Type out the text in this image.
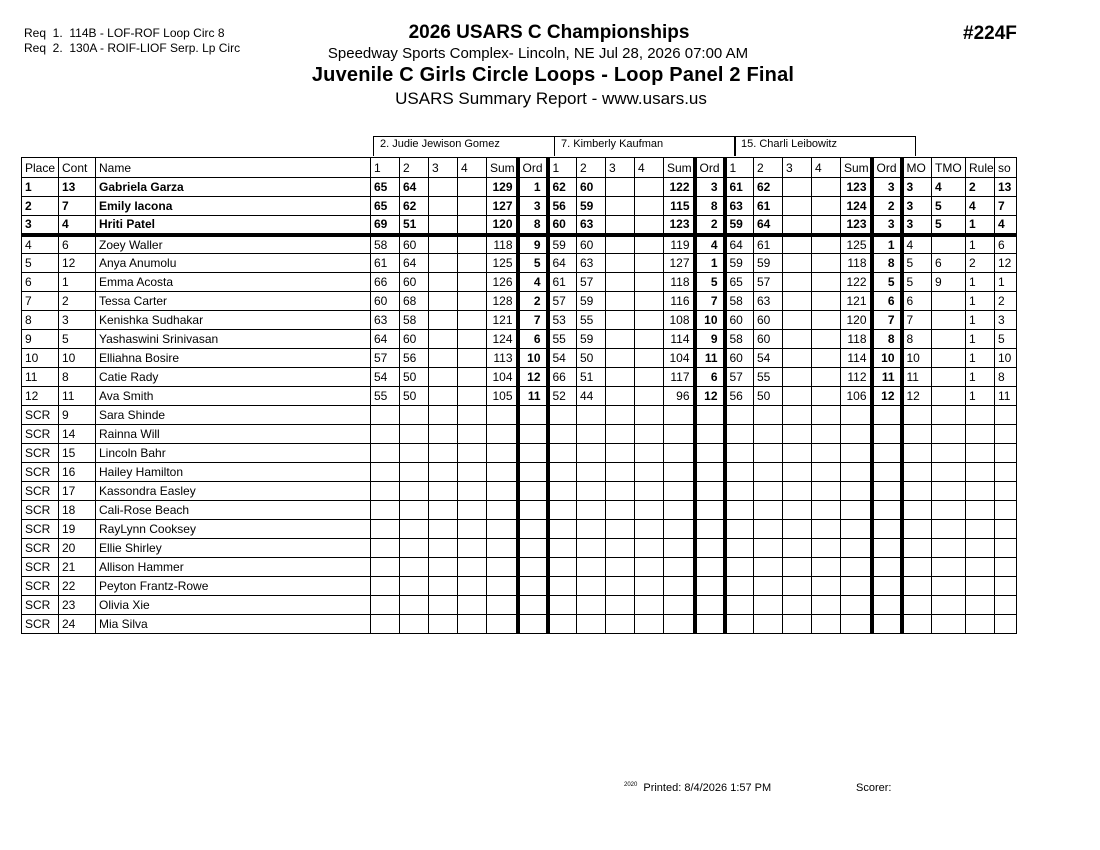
Req  1.  114B - LOF-ROF Loop Circ 8
Req  2.  130A - ROIF-LIOF Serp. Lp Circ
2026 USARS C Championships
Speedway Sports Complex- Lincoln, NE Jul 28, 2026 07:00 AM
Juvenile C Girls Circle Loops - Loop Panel 2 Final
USARS Summary Report - www.usars.us
#224F
2. Judie Jewison Gomez	7. Kimberly Kaufman	15. Charli Leibowitz
Place	Cont	Name	1	2	3	4	Sum	Ord	1	2	3	4	Sum	Ord	1	2	3	4	Sum	Ord	MO	TMO	Rule	so
1	13	Gabriela Garza	65	64			129	1	62	60			122	3	61	62			123	3	3	4	2	13
2	7	Emily Iacona	65	62			127	3	56	59			115	8	63	61			124	2	3	5	4	7
3	4	Hriti Patel	69	51			120	8	60	63			123	2	59	64			123	3	3	5	1	4
4	6	Zoey Waller	58	60			118	9	59	60			119	4	64	61			125	1	4		1	6
5	12	Anya Anumolu	61	64			125	5	64	63			127	1	59	59			118	8	5	6	2	12
6	1	Emma Acosta	66	60			126	4	61	57			118	5	65	57			122	5	5	9	1	1
7	2	Tessa Carter	60	68			128	2	57	59			116	7	58	63			121	6	6		1	2
8	3	Kenishka Sudhakar	63	58			121	7	53	55			108	10	60	60			120	7	7		1	3
9	5	Yashaswini Srinivasan	64	60			124	6	55	59			114	9	58	60			118	8	8		1	5
10	10	Elliahna Bosire	57	56			113	10	54	50			104	11	60	54			114	10	10		1	10
11	8	Catie Rady	54	50			104	12	66	51			117	6	57	55			112	11	11		1	8
12	11	Ava Smith	55	50			105	11	52	44			96	12	56	50			106	12	12		1	11
SCR	9	Sara Shinde																						
SCR	14	Rainna Will																						
SCR	15	Lincoln Bahr																						
SCR	16	Hailey Hamilton																						
SCR	17	Kassondra Easley																						
SCR	18	Cali-Rose Beach																						
SCR	19	RayLynn Cooksey																						
SCR	20	Ellie Shirley																						
SCR	21	Allison Hammer																						
SCR	22	Peyton Frantz-Rowe																						
SCR	23	Olivia Xie																						
SCR	24	Mia Silva																						
$^{2020}$ Printed: 8/4/2026 1:57 PM	Scorer:
